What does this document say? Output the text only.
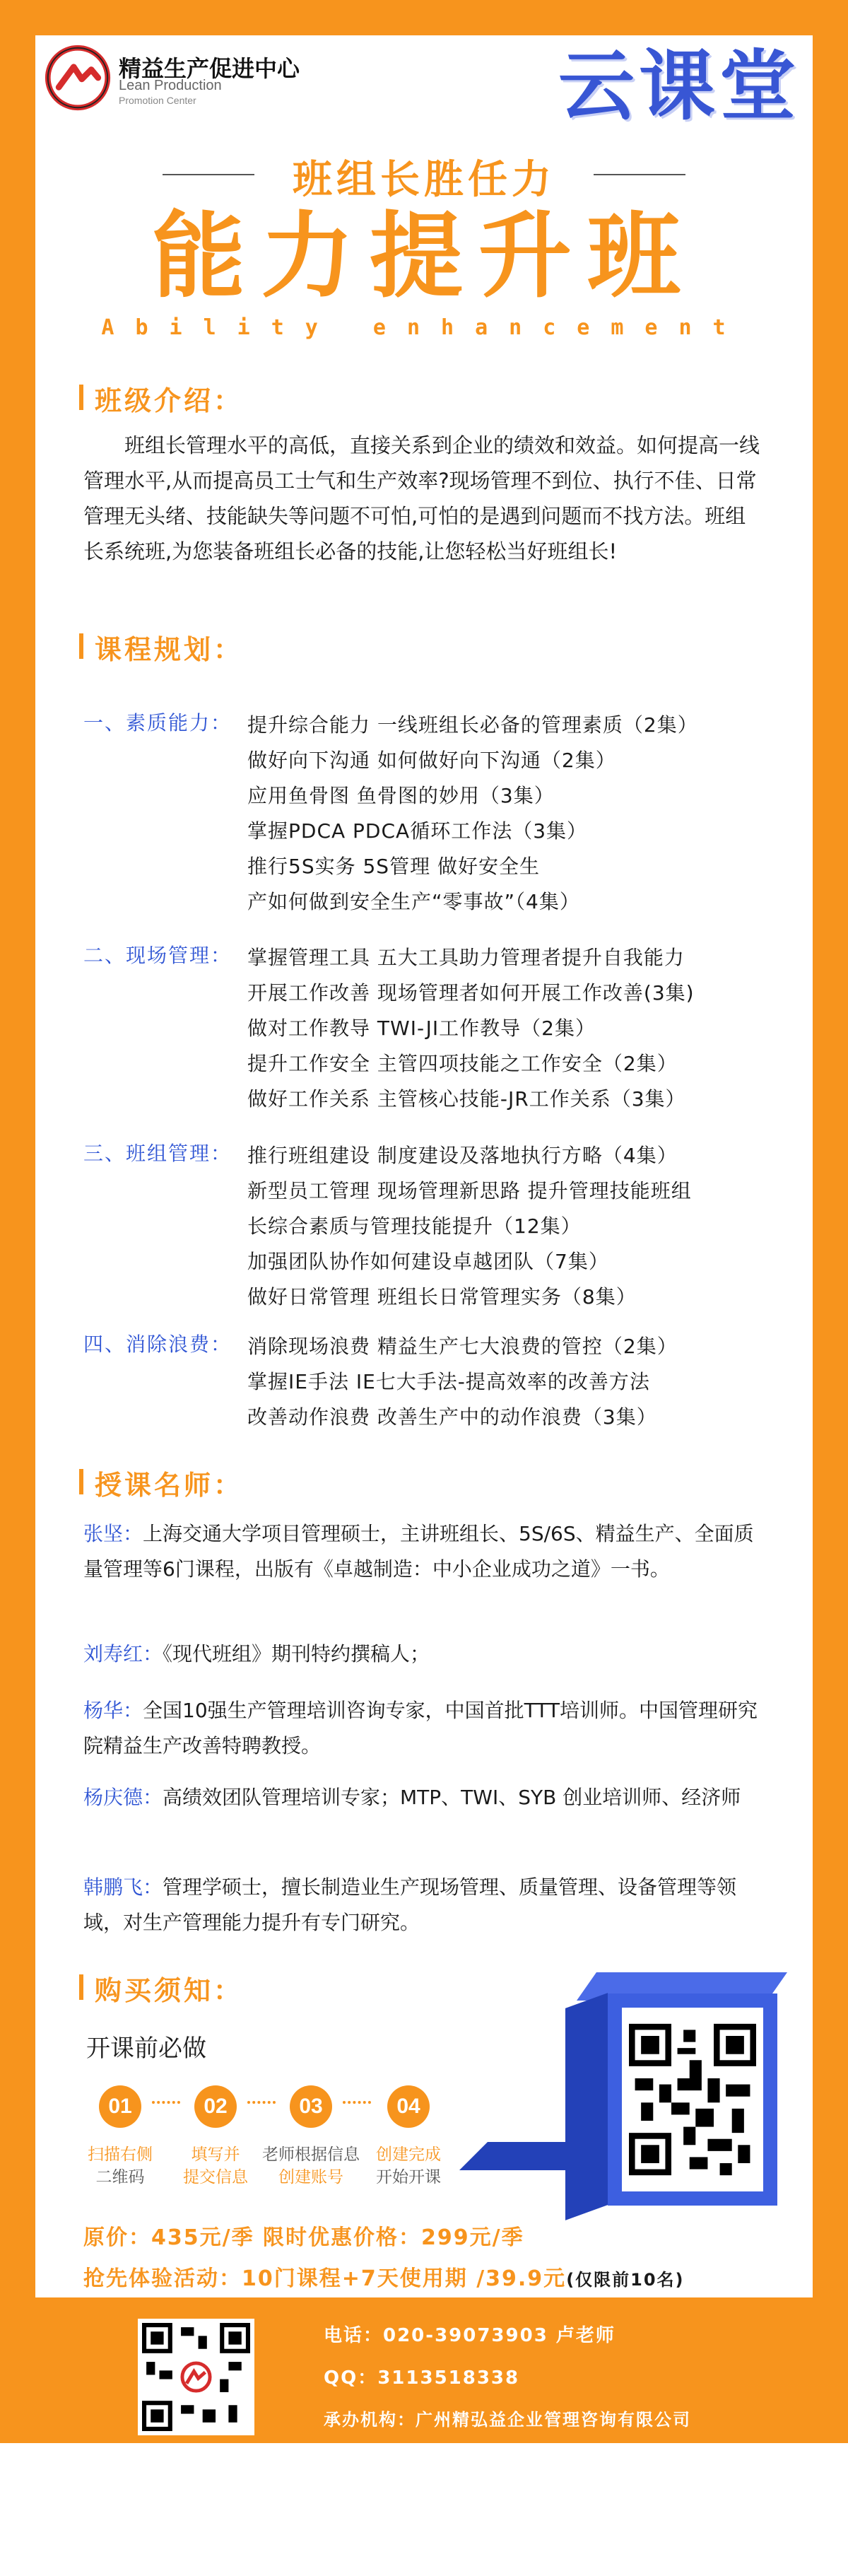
精益生产促进中心
Lean Production
Promotion Center	云课堂
班组长胜任力
能力提升班
Ability enhancement
班级介绍：
班组长管理水平的高低，直接关系到企业的绩效和效益。如何提高一线管理水平,从而提高员工士气和生产效率?现场管理不到位、执行不佳、日常管理无头绪、技能缺失等问题不可怕,可怕的是遇到问题而不找方法。班组长系统班,为您装备班组长必备的技能,让您轻松当好班组长!
课程规划：
一、素质能力： 提升综合能力 一线班组长必备的管理素质（2集）
做好向下沟通 如何做好向下沟通（2集）
应用鱼骨图 鱼骨图的妙用（3集）
掌握PDCA PDCA循环工作法（3集）
推行5S实务 5S管理 做好安全生
产如何做到安全生产“零事故”（4集）
二、现场管理： 掌握管理工具 五大工具助力管理者提升自我能力
开展工作改善 现场管理者如何开展工作改善(3集)
做对工作教导 TWI-JI工作教导（2集）
提升工作安全 主管四项技能之工作安全（2集）
做好工作关系 主管核心技能-JR工作关系（3集）
三、班组管理： 推行班组建设 制度建设及落地执行方略（4集）
新型员工管理 现场管理新思路 提升管理技能班组
长综合素质与管理技能提升（12集）
加强团队协作如何建设卓越团队（7集）
做好日常管理 班组长日常管理实务（8集）
四、消除浪费： 消除现场浪费 精益生产七大浪费的管控（2集）
掌握IE手法 IE七大手法-提高效率的改善方法
改善动作浪费 改善生产中的动作浪费（3集）
授课名师：
张坚：上海交通大学项目管理硕士，主讲班组长、5S/6S、精益生产、全面质量管理等6门课程，出版有《卓越制造：中小企业成功之道》一书。
刘寿红：《现代班组》期刊特约撰稿人；
杨华：全国10强生产管理培训咨询专家，中国首批TTT培训师。中国管理研究院精益生产改善特聘教授。
杨庆德：高绩效团队管理培训专家；MTP、TWI、SYB 创业培训师、经济师
韩鹏飞：管理学硕士，擅长制造业生产现场管理、质量管理、设备管理等领域，对生产管理能力提升有专门研究。
购买须知：
开课前必做
01	02	03	04
扫描右侧
二维码
填写并
提交信息
老师根据信息
创建账号
创建完成
开始开课
原价：435元/季 限时优惠价格：299元/季
抢先体验活动：10门课程+7天使用期 /39.9元(仅限前10名)
电话：020-39073903 卢老师
QQ：3113518338
承办机构：广州精弘益企业管理咨询有限公司
